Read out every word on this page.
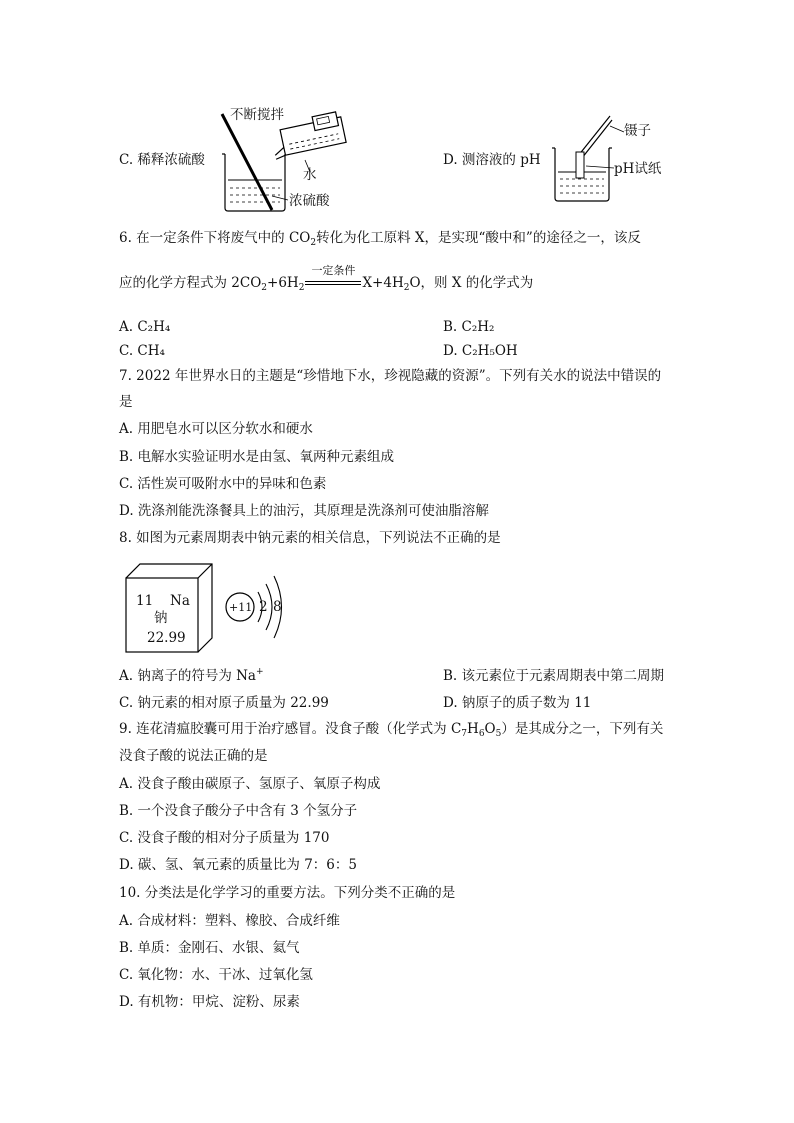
C. 稀释浓硫酸
不断搅拌
水
浓硫酸
D. 测溶液的 pH
镊子
pH试纸
6. 在一定条件下将废气中的 $CO_2$转化为化工原料 X，是实现“酸中和”的途径之一，该反
应的化学方程式为 $2CO_2+6H_2$
一定条件
$X+4H_2O$，则 X 的化学式为
A. C₂H₄	B. C₂H₂
C. CH₄	D. C₂H₅OH
7. 2022 年世界水日的主题是“珍惜地下水，珍视隐藏的资源”。下列有关水的说法中错误的
是
A. 用肥皂水可以区分软水和硬水
B. 电解水实验证明水是由氢、氧两种元素组成
C. 活性炭可吸附水中的异味和色素
D. 洗涤剂能洗涤餐具上的油污，其原理是洗涤剂可使油脂溶解
8. 如图为元素周期表中钠元素的相关信息，下列说法不正确的是
11 Na
钠
22.99
+11 2 8
A. 钠离子的符号为 Na+	B. 该元素位于元素周期表中第二周期
C. 钠元素的相对原子质量为 22.99	D. 钠原子的质子数为 11
9. 连花清瘟胶囊可用于治疗感冒。没食子酸（化学式为 $C_7H_6O_5$）是其成分之一，下列有关
没食子酸的说法正确的是
A. 没食子酸由碳原子、氢原子、氧原子构成
B. 一个没食子酸分子中含有 3 个氢分子
C. 没食子酸的相对分子质量为 170
D. 碳、氢、氧元素的质量比为 7：6：5
10. 分类法是化学学习的重要方法。下列分类不正确的是
A. 合成材料：塑料、橡胶、合成纤维
B. 单质：金刚石、水银、氦气
C. 氧化物：水、干冰、过氧化氢
D. 有机物：甲烷、淀粉、尿素
